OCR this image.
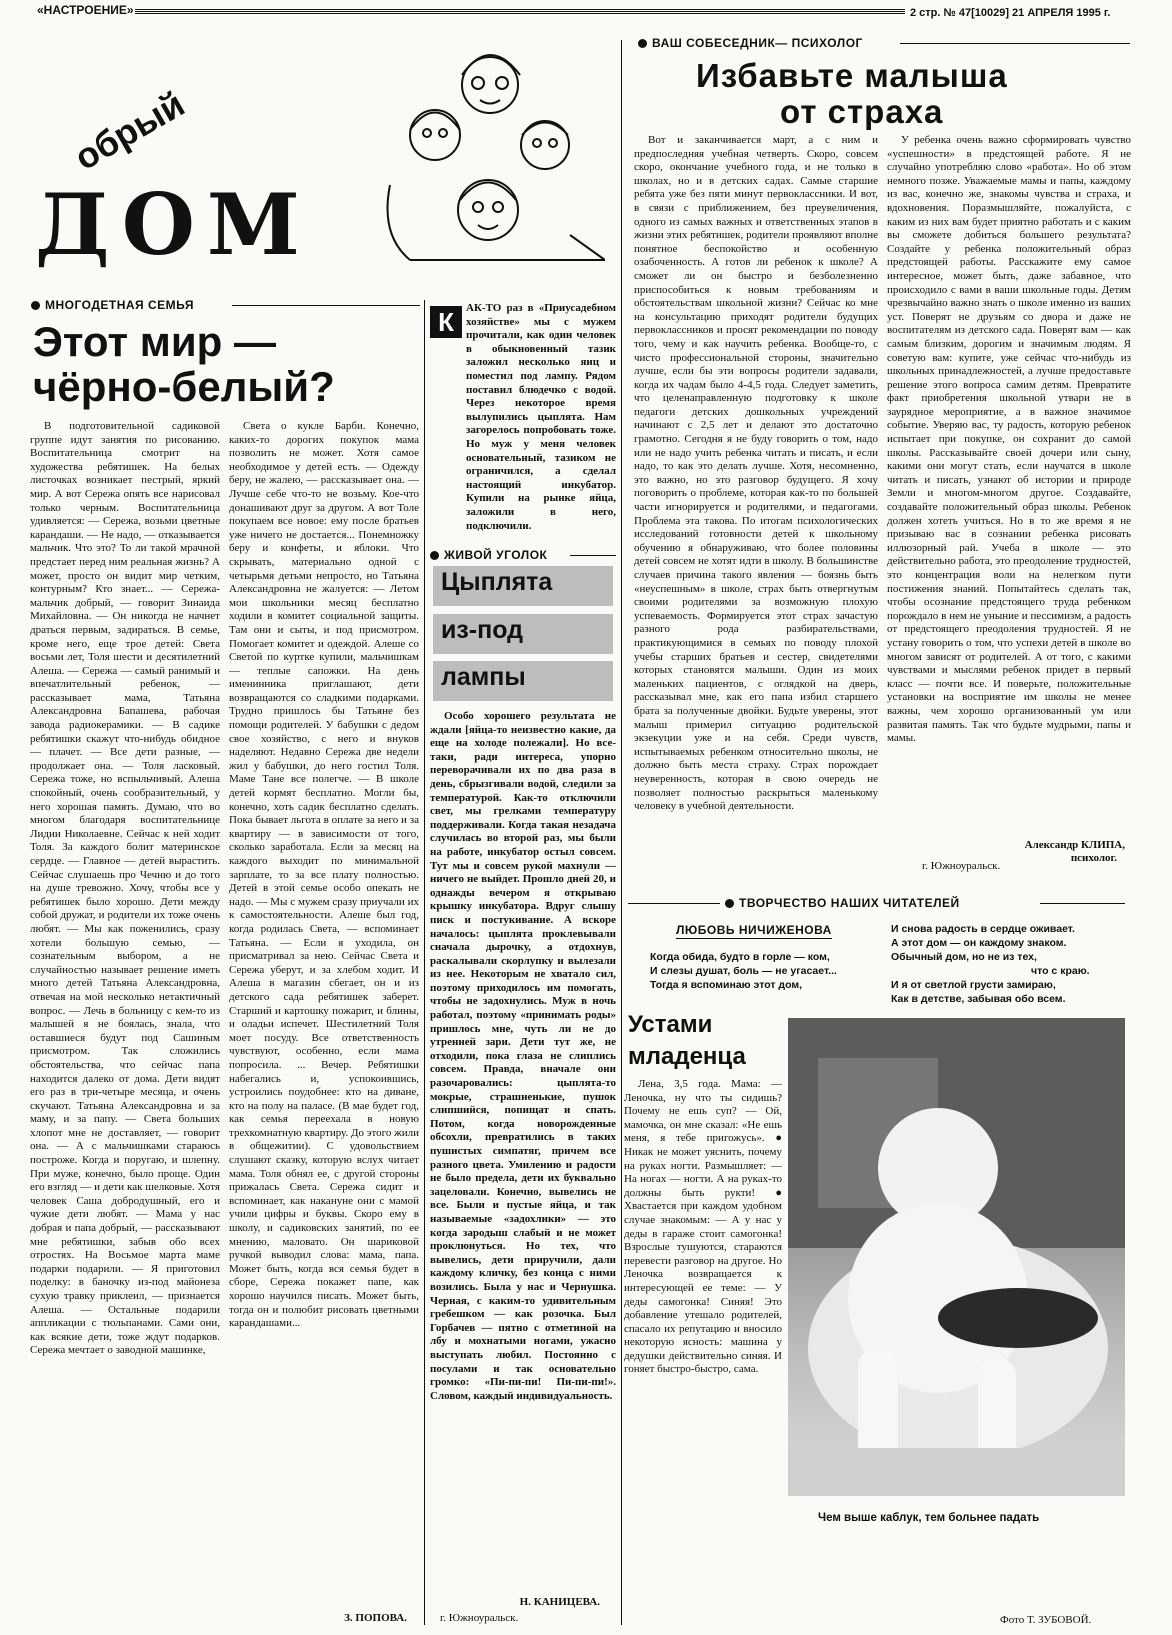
«НАСТРОЕНИЕ»	2 стр. № 47[10029] 21 АПРЕЛЯ 1995 г.
обрый
ДОМ
МНОГОДЕТНАЯ СЕМЬЯ
Этот мир —
чёрно-белый?

В подготовительной садиковой группе идут занятия по рисованию. Воспитательница смотрит на художества ребятишек. На белых листочках возникает пестрый, яркий мир. А вот Сережа опять все нарисовал только черным. Воспитательница удивляется: — Сережа, возьми цветные карандаши. — Не надо, — отказывается мальчик. Что это? То ли такой мрачной предстает перед ним реальная жизнь? А может, просто он видит мир четким, контурным? Кто знает... — Сережа-мальчик добрый, — говорит Зинаида Михайловна. — Он никогда не начнет драться первым, задираться. В семье, кроме него, еще трое детей: Света восьми лет, Толя шести и десятилетний Алеша. — Сережа — самый ранимый и впечатлительный ребенок, — рассказывает мама, Татьяна Александровна Бапашева, рабочая завода радиокерамики. — В садике ребятишки скажут что-нибудь обидное — плачет. — Все дети разные, — продолжает она. — Толя ласковый. Сережа тоже, но вспыльчивый. Алеша спокойный, очень сообразительный, у него хорошая память. Думаю, что во многом благодаря воспитательнице Лидии Николаевне. Сейчас к ней ходит Толя. За каждого болит материнское сердце. — Главное — детей вырастить. Сейчас слушаешь про Чечню и до того на душе тревожно. Хочу, чтобы все у ребятишек было хорошо. Дети между собой дружат, и родители их тоже очень любят. — Мы как поженились, сразу хотели большую семью, — сознательным выбором, а не случайностью называет решение иметь много детей Татьяна Александровна, отвечая на мой несколько нетактичный вопрос. — Лечь в больницу с кем-то из малышей я не боялась, знала, что оставшиеся будут под Сашиным присмотром. Так сложились обстоятельства, что сейчас папа находится далеко от дома. Дети видят его раз в три-четыре месяца, и очень скучают. Татьяна Александровна и за маму, и за папу. — Света больших хлопот мне не доставляет, — говорит она. — А с мальчишками стараюсь построже. Когда и поругаю, и шлепну. При муже, конечно, было проще. Один его взгляд — и дети как шелковые. Хотя человек Саша добродушный, его и чужие дети любят. — Мама у нас добрая и папа добрый, — рассказывают мне ребятишки, забыв обо всех отростях. На Восьмое марта маме подарки подарили. — Я приготовил поделку: в баночку из-под майонеза сухую травку приклеил, — признается Алеша. — Остальные подарили аппликации с тюльпанами. Сами они, как всякие дети, тоже ждут подарков. Сережа мечтает о заводной машинке,

Света о кукле Барби. Конечно, каких-то дорогих покупок мама позволить не может. Хотя самое необходимое у детей есть. — Одежду беру, не жалею, — рассказывает она. — Лучше себе что-то не возьму. Кое-что донашивают друг за другом. А вот Толе покупаем все новое: ему после братьев уже ничего не достается... Понемножку беру и конфеты, и яблоки. Что скрывать, материально одной с четырьмя детьми непросто, но Татьяна Александровна не жалуется: — Летом мои школьники месяц бесплатно ходили в комитет социальной защиты. Там они и сыты, и под присмотром. Помогает комитет и одеждой. Алеше со Светой по куртке купили, мальчишкам — теплые сапожки. На день именинника приглашают, дети возвращаются со сладкими подарками. Трудно пришлось бы Татьяне без помощи родителей. У бабушки с дедом свое хозяйство, с него и внуков наделяют. Недавно Сережа две недели жил у бабушки, до него гостил Толя. Маме Тане все полегче. — В школе детей кормят бесплатно. Могли бы, конечно, хоть садик бесплатно сделать. Пока бывает льгота в оплате за него и за квартиру — в зависимости от того, сколько заработала. Если за месяц на каждого выходит по минимальной зарплате, то за все плату полностью. Детей в этой семье особо опекать не надо. — Мы с мужем сразу приучали их к самостоятельности. Алеше был год, когда родилась Света, — вспоминает Татьяна. — Если я уходила, он присматривал за нею. Сейчас Света и Сережа уберут, и за хлебом ходит. И Алеша в магазин сбегает, он и из детского сада ребятишек заберет. Старший и картошку пожарит, и блины, и оладьи испечет. Шестилетний Толя моет посуду. Все ответственность чувствуют, особенно, если мама попросила. ... Вечер. Ребятишки набегались и, успокоившись, устроились поудобнее: кто на диване, кто на полу на паласе. (В мае будет год, как семья переехала в новую трехкомнатную квартиру. До этого жили в общежитии). С удовольствием слушают сказку, которую вслух читает мама. Толя обнял ее, с другой стороны прижалась Света. Сережа сидит и вспоминает, как накануне они с мамой учили цифры и буквы. Скоро ему в школу, и садиковских занятий, по ее мнению, маловато. Он шариковой ручкой выводил слова: мама, папа. Может быть, когда вся семья будет в сборе, Сережа покажет папе, как хорошо научился писать. Может быть, тогда он и полюбит рисовать цветными карандашами...

З. ПОПОВА.
К	АК-ТО раз в «Приусадебном хозяйстве» мы с мужем прочитали, как один человек в обыкновенный тазик заложил несколько яиц и поместил под лампу. Рядом поставил блюдечко с водой. Через некоторое время вылупились цыплята. Нам загорелось попробовать тоже. Но муж у меня человек основательный, тазиком не ограничился, а сделал настоящий инкубатор. Купили на рынке яйца, заложили в него, подключили.
ЖИВОЙ УГОЛОК
Цыплята
из-под
лампы

Особо хорошего результата не ждали [яйца-то неизвестно какие, да еще на холоде полежали]. Но все-таки, ради интереса, упорно переворачивали их по два раза в день, сбрызгивали водой, следили за температурой. Как-то отключили свет, мы грелками температуру поддерживали. Когда такая незадача случилась во второй раз, мы были на работе, инкубатор остыл совсем. Тут мы и совсем рукой махнули — ничего не выйдет. Прошло дней 20, и однажды вечером я открываю крышку инкубатора. Вдруг слышу писк и постукивание. А вскоре началось: цыплята проклевывали сначала дырочку, а отдохнув, раскалывали скорлупку и вылезали из нее. Некоторым не хватало сил, поэтому приходилось им помогать, чтобы не задохнулись. Муж в ночь работал, поэтому «принимать роды» пришлось мне, чуть ли не до утренней зари. Дети тут же, не отходили, пока глаза не слиплись совсем. Правда, вначале они разочаровались: цыплята-то мокрые, страшненькие, пушок слипшийся, попищат и спать. Потом, когда новорожденные обсохли, превратились в таких пушистых симпатяг, причем все разного цвета. Умилению и радости не было предела, дети их буквально зацеловали. Конечно, вывелись не все. Были и пустые яйца, и так называемые «задохлики» — это когда зародыш слабый и не может проклюнуться. Но тех, что вывелись, дети приручили, дали каждому кличку, без конца с ними возились. Была у нас и Чернушка. Черная, с каким-то удивительным гребешком — как розочка. Был Горбачев — пятно с отметиной на лбу и мохнатыми ногами, ужасно выступать любил. Постоянно с посулами и так основательно громко: «Пи-пи-пи! Пи-пи-пи!». Словом, каждый индивидуальность.

Н. КАНИЦЕВА.
г. Южноуральск.
ВАШ СОБЕСЕДНИК— ПСИХОЛОГ
Избавьте малыша
от страха

Вот и заканчивается март, а с ним и предпоследняя учебная четверть. Скоро, совсем скоро, окончание учебного года, и не только в школах, но и в детских садах. Самые старшие ребята уже без пяти минут первоклассники. И вот, в связи с приближением, без преувеличения, одного из самых важных и ответственных этапов в жизни этих ребятишек, родители проявляют вполне понятное беспокойство и особенную озабоченность. А готов ли ребенок к школе? А сможет ли он быстро и безболезненно приспособиться к новым требованиям и обстоятельствам школьной жизни? Сейчас ко мне на консультацию приходят родители будущих первоклассников и просят рекомендации по поводу того, чему и как научить ребенка. Вообще-то, с чисто профессиональной стороны, значительно лучше, если бы эти вопросы родители задавали, когда их чадам было 4-4,5 года. Следует заметить, что целенаправленную подготовку к школе педагоги детских дошкольных учреждений начинают с 2,5 лет и делают это достаточно грамотно. Сегодня я не буду говорить о том, надо или не надо учить ребенка читать и писать, и если надо, то как это делать лучше. Хотя, несомненно, это важно, но это разговор будущего. Я хочу поговорить о проблеме, которая как-то по большей части игнорируется и родителями, и педагогами. Проблема эта такова. По итогам психологических исследований готовности детей к школьному обучению я обнаруживаю, что более половины детей совсем не хотят идти в школу. В большинстве случаев причина такого явления — боязнь быть «неуспешным» в школе, страх быть отвергнутым своими родителями за возможную плохую успеваемость. Формируется этот страх зачастую разного рода разбирательствами, практикующимися в семьях по поводу плохой учебы старших братьев и сестер, свидетелями которых становятся малыши. Один из моих маленьких пациентов, с оглядкой на дверь, рассказывал мне, как его папа избил старшего брата за полученные двойки. Будьте уверены, этот малыш примерил ситуацию родительской экзекуции уже и на себя. Среди чувств, испытываемых ребенком относительно школы, не должно быть места страху. Страх порождает неуверенность, которая в свою очередь не позволяет полностью раскрыться маленькому человеку в учебной деятельности.

У ребенка очень важно сформировать чувство «успешности» в предстоящей работе. Я не случайно употребляю слово «работа». Но об этом немного позже. Уважаемые мамы и папы, каждому из вас, конечно же, знакомы чувства и страха, и вдохновения. Поразмышляйте, пожалуйста, с каким из них вам будет приятно работать и с каким вы сможете добиться большего результата? Создайте у ребенка положительный образ предстоящей работы. Расскажите ему самое интересное, может быть, даже забавное, что происходило с вами в ваши школьные годы. Детям чрезвычайно важно знать о школе именно из ваших уст. Поверят не друзьям со двора и даже не воспитателям из детского сада. Поверят вам — как самым близким, дорогим и значимым людям. Я советую вам: купите, уже сейчас что-нибудь из школьных принадлежностей, а лучше предоставьте решение этого вопроса самим детям. Превратите факт приобретения школьной утвари не в заурядное мероприятие, а в важное значимое событие. Уверяю вас, ту радость, которую ребенок испытает при покупке, он сохранит до самой школы. Рассказывайте своей дочери или сыну, какими они могут стать, если научатся в школе читать и писать, узнают об истории и природе Земли и многом-многом другое. Создавайте, создавайте положительный образ школы. Ребенок должен хотеть учиться. Но в то же время я не призываю вас в сознании ребенка рисовать иллюзорный рай. Учеба в школе — это действительно работа, это преодоление трудностей, это концентрация воли на нелегком пути постижения знаний. Попытайтесь сделать так, чтобы осознание предстоящего труда ребенком порождало в нем не уныние и пессимизм, а радость от предстоящего преодоления трудностей. Я не устану говорить о том, что успехи детей в школе во многом зависят от родителей. А от того, с какими чувствами и мыслями ребенок придет в первый класс — почти все. И поверьте, положительные установки на восприятие им школы не менее важны, чем хорошо организованный ум или развитая память. Так что будьте мудрыми, папы и мамы.

Александр КЛИПА,
психолог.
г. Южноуральск.
ТВОРЧЕСТВО НАШИХ ЧИТАТЕЛЕЙ
ЛЮБОВЬ НИЧИЖЕНОВА
Когда обида, будто в горле — ком,
И слезы душат, боль — не угасает...
Тогда я вспоминаю этот дом,
И снова радость в сердце оживает.
А этот дом — он каждому знаком.
Обычный дом, но не из тех,
что с краю.
И я от светлой грусти замираю,
Как в детстве, забывая обо всем.
Устами
младенца

Лена, 3,5 года. Мама: — Леночка, ну что ты сидишь? Почему не ешь суп? — Ой, мамочка, он мне сказал: «Не ешь меня, я тебе пригожусь». ● Никак не может уяснить, почему на руках ногти. Размышляет: — На ногах — ногти. А на руках-то должны быть рукти! ● Хвастается при каждом удобном случае знакомым: — А у нас у деды в гараже стоит самогонка! Взрослые тушуются, стараются перевести разговор на другое. Но Леночка возвращается к интересующей ее теме: — У деды самогонка! Синяя! Это добавление утешало родителей, спасало их репутацию и вносило некоторую ясность: машина у дедушки действительно синяя. И гоняет быстро-быстро, сама.

Чем выше каблук, тем больнее падать
Фото Т. ЗУБОВОЙ.
